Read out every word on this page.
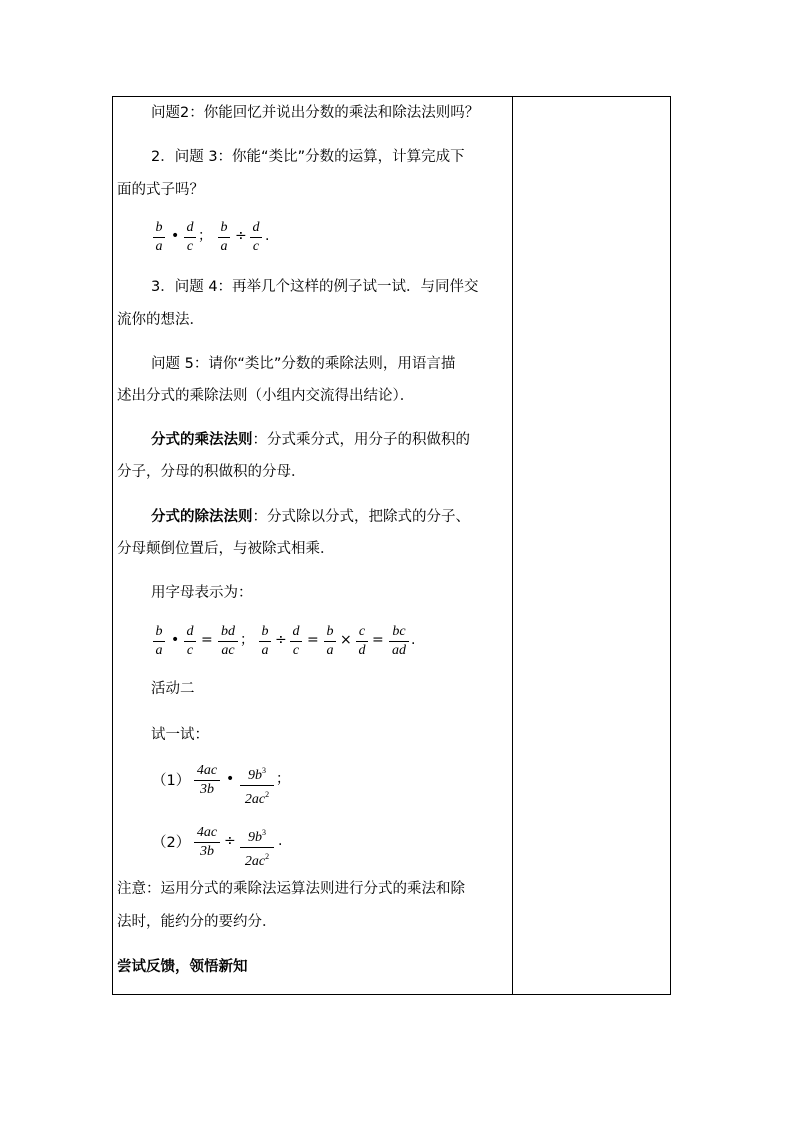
问题2：你能回忆并说出分数的乘法和除法法则吗？
2．问题 3：你能“类比”分数的运算，计算完成下
面的式子吗？
b
a
•
d
c
；
b
a
÷
d
c
.
3．问题 4：再举几个这样的例子试一试．与同伴交
流你的想法．
问题 5：请你“类比”分数的乘除法则，用语言描
述出分式的乘除法则（小组内交流得出结论）．
分式的乘法法则：分式乘分式，用分子的积做积的
分子，分母的积做积的分母．
分式的除法法则：分式除以分式，把除式的分子、
分母颠倒位置后，与被除式相乘．
用字母表示为：
b
a
•
d
c
=
bd
ac
；
b
a
÷
d
c
=
b
a
×
c
d
=
bc
ad
.
活动二
试一试：
（1）
4ac
3b
• $9b^3$
$2ac^2$
；
（2）
4ac
3b
÷ $9b^3$
$2ac^2$
.
注意：运用分式的乘除法运算法则进行分式的乘法和除
法时，能约分的要约分．
尝试反馈，领悟新知
